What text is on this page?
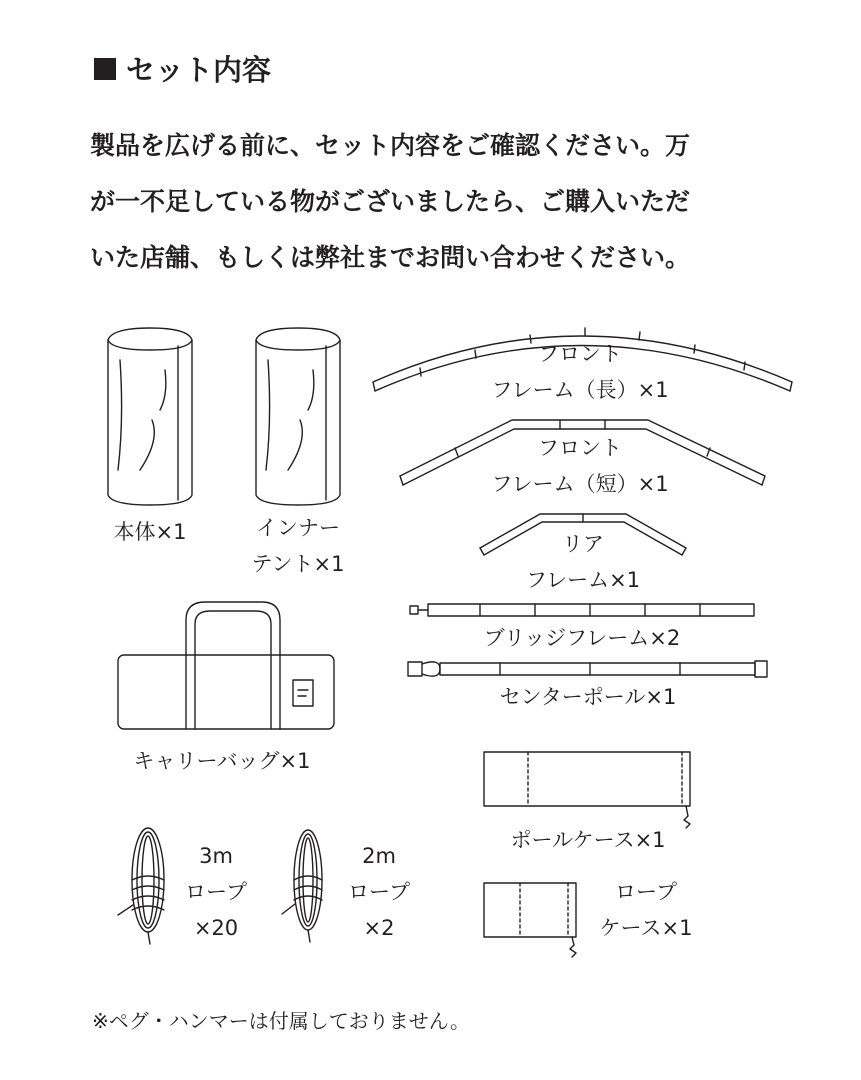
セット内容
製品を広げる前に、セット内容をご確認ください。万
が一不足している物がございましたら、ご購入いただ
いた店舗、もしくは弊社までお問い合わせください。
本体×1	インナー
テント×1
フロント
フレーム（長）×1
フロント
フレーム（短）×1
リア
フレーム×1
ブリッジフレーム×2
センターポール×1
キャリーバッグ×1
ポールケース×1
3m
ロープ
×20
2m
ロープ
×2
ロープ
ケース×1
※ペグ・ハンマーは付属しておりません。
